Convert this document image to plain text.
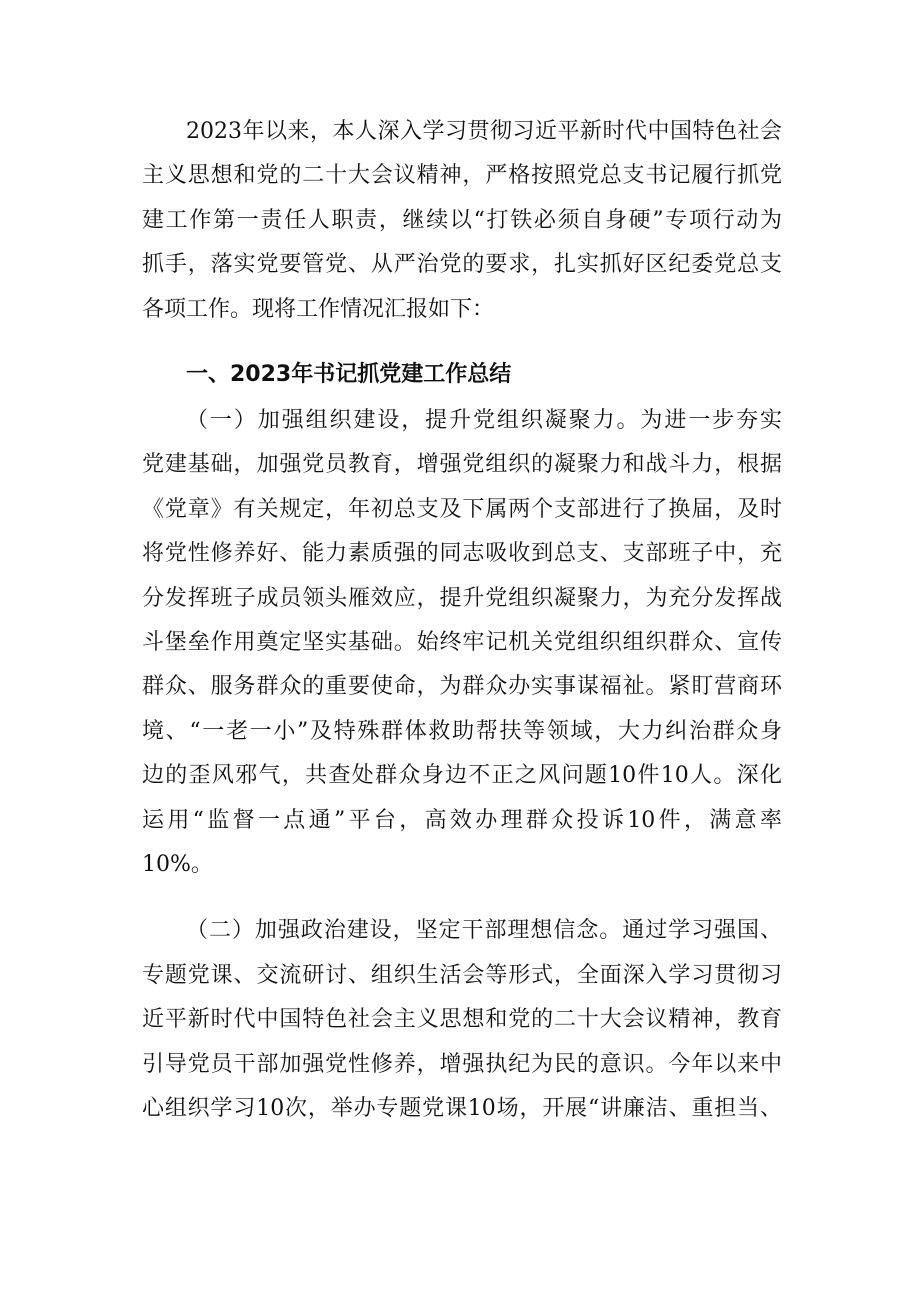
2023年以来，本人深入学习贯彻习近平新时代中国特色社会
主义思想和党的二十大会议精神，严格按照党总支书记履行抓党
建工作第一责任人职责，继续以“打铁必须自身硬”专项行动为
抓手，落实党要管党、从严治党的要求，扎实抓好区纪委党总支
各项工作。现将工作情况汇报如下：
一、2023年书记抓党建工作总结
（一）加强组织建设，提升党组织凝聚力。为进一步夯实
党建基础，加强党员教育，增强党组织的凝聚力和战斗力，根据
《党章》有关规定，年初总支及下属两个支部进行了换届，及时
将党性修养好、能力素质强的同志吸收到总支、支部班子中，充
分发挥班子成员领头雁效应，提升党组织凝聚力，为充分发挥战
斗堡垒作用奠定坚实基础。始终牢记机关党组织组织群众、宣传
群众、服务群众的重要使命，为群众办实事谋福祉。紧盯营商环
境、“一老一小”及特殊群体救助帮扶等领域，大力纠治群众身
边的歪风邪气，共查处群众身边不正之风问题10件10人。深化
运用“监督一点通”平台，高效办理群众投诉10件，满意率
10%。
（二）加强政治建设，坚定干部理想信念。通过学习强国、
专题党课、交流研讨、组织生活会等形式，全面深入学习贯彻习
近平新时代中国特色社会主义思想和党的二十大会议精神，教育
引导党员干部加强党性修养，增强执纪为民的意识。今年以来中
心组织学习10次，举办专题党课10场，开展“讲廉洁、重担当、
